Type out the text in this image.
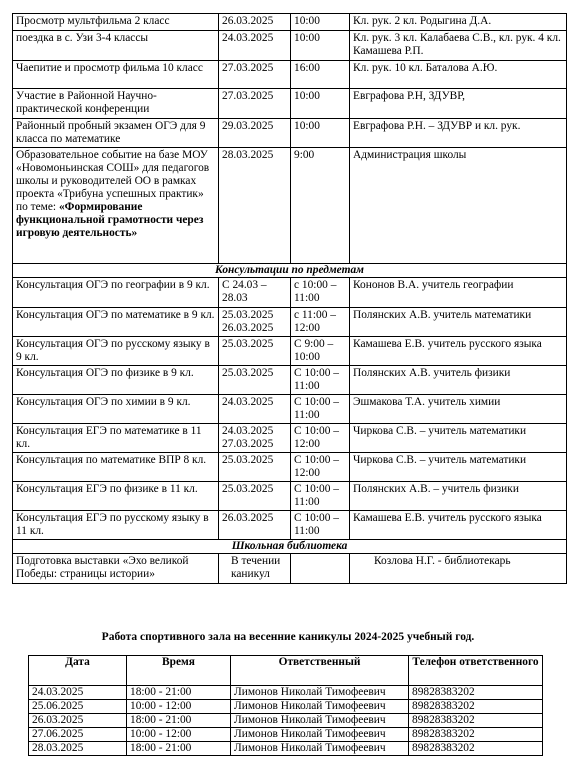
Просмотр мультфильма 2 класс	26.03.2025	10:00	Кл. рук. 2 кл. Родыгина Д.А.
поездка в с. Узи 3-4 классы	24.03.2025	10:00	Кл. рук. 3 кл. Калабаева С.В., кл. рук. 4 кл. Камашева Р.П.
Чаепитие и просмотр фильма 10 класс	27.03.2025	16:00	Кл. рук. 10 кл. Баталова А.Ю.
Участие в Районной Научно-практической конференции	27.03.2025	10:00	Евграфова Р.Н, ЗДУВР,
Районный пробный экзамен ОГЭ для 9 класса по математике	29.03.2025	10:00	Евграфова Р.Н. – ЗДУВР и кл. рук.
Образовательное событие на базе МОУ «Новомоньинская СОШ» для педагогов школы и руководителей ОО в рамках проекта «Трибуна успешных практик» по теме: «Формирование функциональной грамотности через игровую деятельность»	28.03.2025	9:00	Администрация школы
Консультации по предметам			
Консультация ОГЭ по географии в 9 кл.	С 24.03 – 28.03	с 10:00 – 11:00	Кононов В.А. учитель географии
Консультация ОГЭ по математике в 9 кл.	25.03.2025 26.03.2025	с 11:00 – 12:00	Полянских А.В. учитель математики
Консультация ОГЭ по русскому языку в 9 кл.	25.03.2025	С 9:00 – 10:00	Камашева Е.В. учитель русского языка
Консультация ОГЭ по физике в 9 кл.	25.03.2025	С 10:00 – 11:00	Полянских А.В. учитель физики
Консультация ОГЭ по химии в 9 кл.	24.03.2025	С 10:00 – 11:00	Эшмакова Т.А. учитель химии
Консультация ЕГЭ по математике в 11 кл.	24.03.2025 27.03.2025	С 10:00 – 12:00	Чиркова С.В. – учитель математики
Консультация по математике ВПР 8 кл.	25.03.2025	С 10:00 – 12:00	Чиркова С.В. – учитель математики
Консультация ЕГЭ по физике в 11 кл.	25.03.2025	С 10:00 – 11:00	Полянских А.В. – учитель физики
Консультация ЕГЭ по русскому языку в 11 кл.	26.03.2025	С 10:00 – 11:00	Камашева Е.В. учитель русского языка
Школьная библиотека			
Подготовка выставки «Эхо великой Победы: страницы истории»	В течении каникул		Козлова Н.Г. - библиотекарь
Работа спортивного зала на весенние каникулы 2024-2025 учебный год.
Дата	Время	Ответственный	Телефон ответственного
24.03.2025	18:00 - 21:00	Лимонов Николай Тимофеевич	89828383202
25.06.2025	10:00 - 12:00	Лимонов Николай Тимофеевич	89828383202
26.03.2025	18:00 - 21:00	Лимонов Николай Тимофеевич	89828383202
27.06.2025	10:00 - 12:00	Лимонов Николай Тимофеевич	89828383202
28.03.2025	18:00 - 21:00	Лимонов Николай Тимофеевич	89828383202
